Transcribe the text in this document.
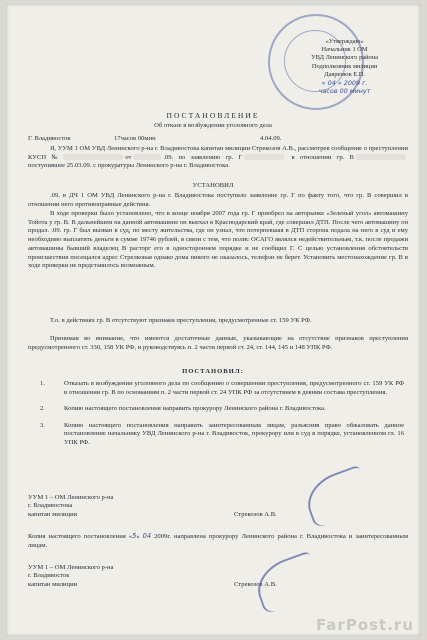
«Утверждаю»
Начальник 1 ОМ
УВД Ленинского района
Подполковник милиции
Давренюк Е.П.
« 04 » 2009 г.
часов 00 минут
ПОСТАНОВЛЕНИЕ
Об отказе в возбуждении уголовного дела
Г. Владивосток	17часов 00мин	4.04.09.
Я, УУМ 1 ОМ УВД Ленинского р-на г. Владивостока капитан милиции Стрекозов А.В., рассмотрев сообщение о преступлении КУСП №	от	.09. по заявлению гр. Г	в отношении гр. В поступившее 25.03.09. с прокуратуры Ленинского р-на г. Владивостока.
УСТАНОВИЛ
.09. в ДЧ 1 ОМ УВД Ленинского р-на г. Владивостока поступило заявление гр. Г по факту того, что гр. В совершил в отношении него противоправные действия.
В ходе проверки было установлено, что в конце ноября 2007 года гр. Г приобрел на авторынке «Зеленый угол» автомашину Тойота у гр. В. В дальнейшем на данной автомашине он выехал в Краснодарский край, где совершил ДТП. После чего автомашину он продал. .09. гр. Г был вызван в суд, по месту жительства, где он узнал, что потерпевшая в ДТП сторона подала на него в суд и ему необходимо выплатить деньги в сумме 19746 рублей, в связи с тем, что полис ОСАГО являлся недействительным, т.к. после продажи автомашины бывший владелец В расторг его в одностороннем порядке и не сообщил Г. С целью установления обстоятельств происшествия посещался адрес Стрелковая однако дома никого не оказалось, телефон не берет. Установить местонахождение гр. В в ходе проверки не представилось возможным.
Т.о. в действиях гр. В отсутствуют признаки преступления, предусмотренные ст. 159 УК РФ.
Принимая во внимание, что имеются достаточные данные, указывающие на отсутствие признаков преступления предусмотренного ст. 330, 158 УК РФ, и руководствуясь п. 2 части первой ст. 24, ст. 144, 145 и 148 УПК РФ.
ПОСТАНОВИЛ:
1.	Отказать в возбуждении уголовного дела по сообщению о совершении преступления, предусмотренного ст. 159 УК РФ в отношении гр. В по основаниям п. 2 части первой ст. 24 УПК РФ за отсутствием в деянии состава преступления.
2.	Копию настоящего постановления направить прокурору Ленинского района г. Владивостока.
3.	Копию настоящего постановления направить заинтересованным лицам, разъяснив право обжаловать данное постановление начальнику УВД Ленинского р-на г. Владивосток, прокурору или в суд в порядке, установленном гл. 16 УПК РФ.
УУМ 1 – ОМ Ленинского р-на
г. Владивостока
капитан милиции	Стрекозов А.В.
Копия настоящего постановления «5» 04 2009г. направлена прокурору Ленинского района г. Владивостока и заинтересованным лицам.
УУМ 1 – ОМ Ленинского р-на
г. Владивосток
капитан милиции	Стрекозов А.В.
FarPost.ru
